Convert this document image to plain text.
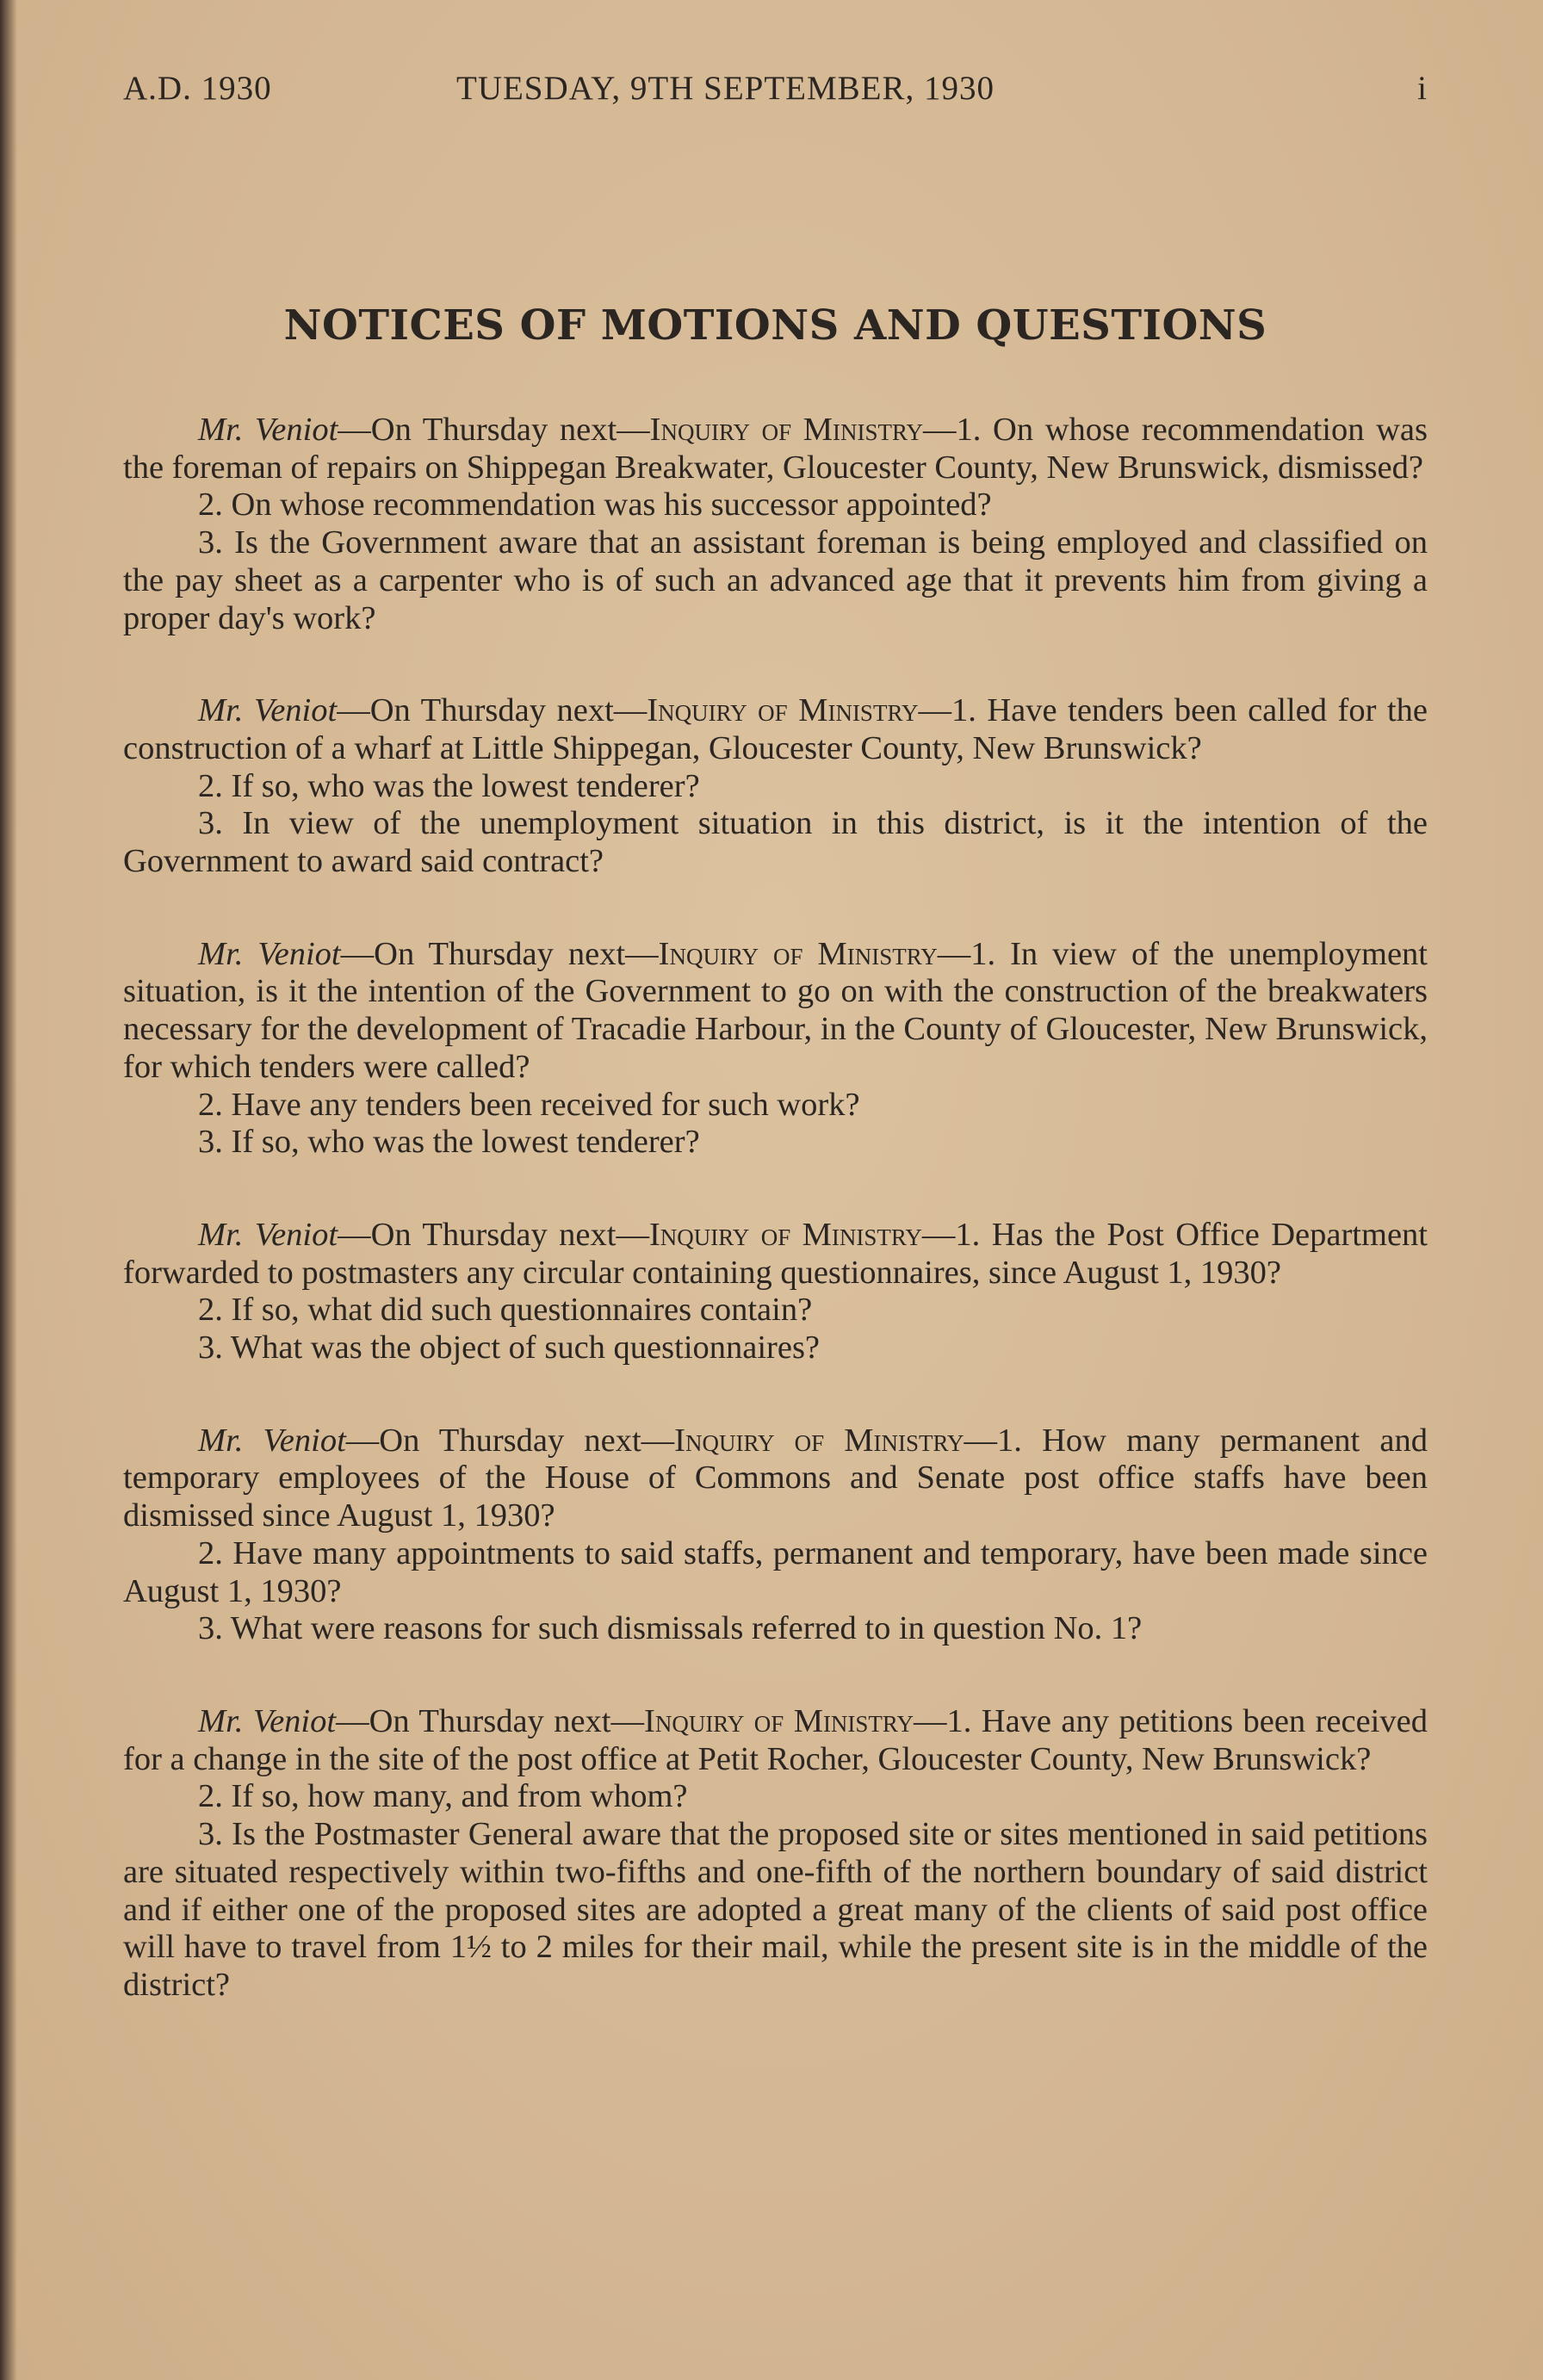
A.D. 1930	TUESDAY, 9TH SEPTEMBER, 1930	i
NOTICES OF MOTIONS AND QUESTIONS

Mr. Veniot—On Thursday next—Inquiry of Ministry—1. On whose recommendation was the foreman of repairs on Shippegan Breakwater, Gloucester County, New Brunswick, dismissed?

2. On whose recommendation was his successor appointed?

3. Is the Government aware that an assistant foreman is being employed and classified on the pay sheet as a carpenter who is of such an advanced age that it prevents him from giving a proper day's work?

Mr. Veniot—On Thursday next—Inquiry of Ministry—1. Have tenders been called for the construction of a wharf at Little Shippegan, Gloucester County, New Brunswick?

2. If so, who was the lowest tenderer?

3. In view of the unemployment situation in this district, is it the intention of the Government to award said contract?

Mr. Veniot—On Thursday next—Inquiry of Ministry—1. In view of the unemployment situation, is it the intention of the Government to go on with the construction of the breakwaters necessary for the development of Tracadie Harbour, in the County of Gloucester, New Brunswick, for which tenders were called?

2. Have any tenders been received for such work?

3. If so, who was the lowest tenderer?

Mr. Veniot—On Thursday next—Inquiry of Ministry—1. Has the Post Office Department forwarded to postmasters any circular containing questionnaires, since August 1, 1930?

2. If so, what did such questionnaires contain?

3. What was the object of such questionnaires?

Mr. Veniot—On Thursday next—Inquiry of Ministry—1. How many permanent and temporary employees of the House of Commons and Senate post office staffs have been dismissed since August 1, 1930?

2. Have many appointments to said staffs, permanent and temporary, have been made since August 1, 1930?

3. What were reasons for such dismissals referred to in question No. 1?

Mr. Veniot—On Thursday next—Inquiry of Ministry—1. Have any petitions been received for a change in the site of the post office at Petit Rocher, Gloucester County, New Brunswick?

2. If so, how many, and from whom?

3. Is the Postmaster General aware that the proposed site or sites mentioned in said petitions are situated respectively within two-fifths and one-fifth of the northern boundary of said district and if either one of the proposed sites are adopted a great many of the clients of said post office will have to travel from 1½ to 2 miles for their mail, while the present site is in the middle of the district?
